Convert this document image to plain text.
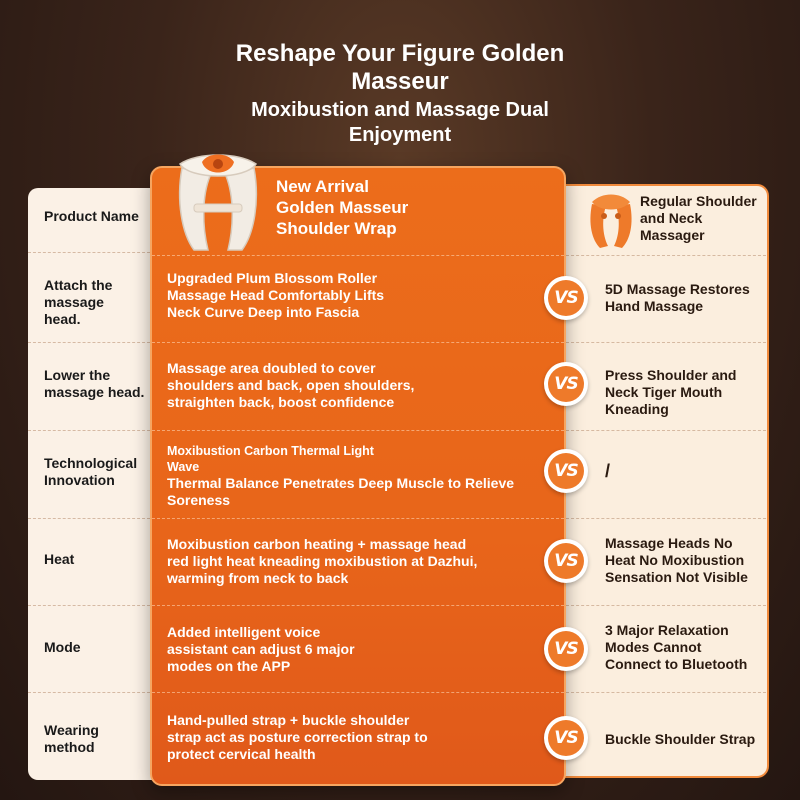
Reshape Your Figure Golden
Masseur
Moxibustion and Massage Dual
Enjoyment
Product Name
New Arrival
Golden Masseur
Shoulder Wrap
Regular Shoulder
and Neck
Massager
Attach the
massage
head.
Upgraded Plum Blossom Roller
Massage Head Comfortably Lifts
Neck Curve Deep into Fascia
5D Massage Restores
Hand Massage
VS
Lower the
massage head.
Massage area doubled to cover
shoulders and back, open shoulders,
straighten back, boost confidence
Press Shoulder and
Neck Tiger Mouth
Kneading
VS
Technological
Innovation
Moxibustion Carbon Thermal Light
Wave
Thermal Balance Penetrates Deep Muscle to Relieve
Soreness
/
VS
Heat
Moxibustion carbon heating + massage head
red light heat kneading moxibustion at Dazhui,
warming from neck to back
Massage Heads No
Heat No Moxibustion
Sensation Not Visible
VS
Mode
Added intelligent voice
assistant can adjust 6 major
modes on the APP
3 Major Relaxation
Modes Cannot
Connect to Bluetooth
VS
Wearing
method
Hand-pulled strap + buckle shoulder
strap act as posture correction strap to
protect cervical health
Buckle Shoulder Strap
VS
